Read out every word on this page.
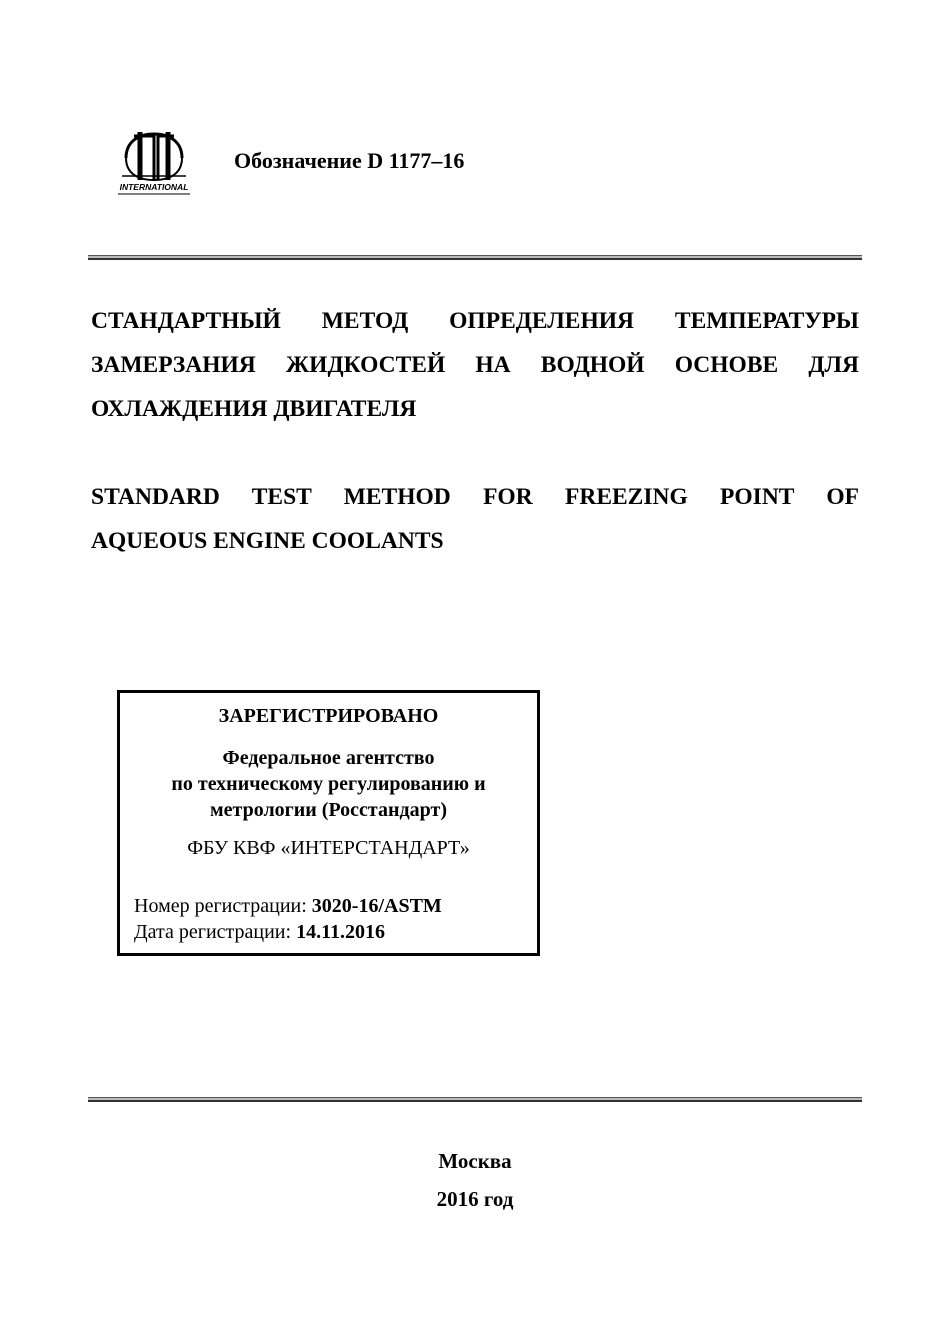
INTERNATIONAL
Обозначение D 1177–16
СТАНДАРТНЫЙ МЕТОД ОПРЕДЕЛЕНИЯ ТЕМПЕРАТУРЫ
ЗАМЕРЗАНИЯ ЖИДКОСТЕЙ НА ВОДНОЙ ОСНОВЕ ДЛЯ
ОХЛАЖДЕНИЯ ДВИГАТЕЛЯ
STANDARD TEST METHOD FOR FREEZING POINT OF
AQUEOUS ENGINE COOLANTS
ЗАРЕГИСТРИРОВАНО
Федеральное агентство
по техническому регулированию и
метрологии (Росстандарт)
ФБУ КВФ «ИНТЕРСТАНДАРТ»
Номер регистрации: 3020-16/ASTM
Дата регистрации: 14.11.2016
Москва
2016 год
